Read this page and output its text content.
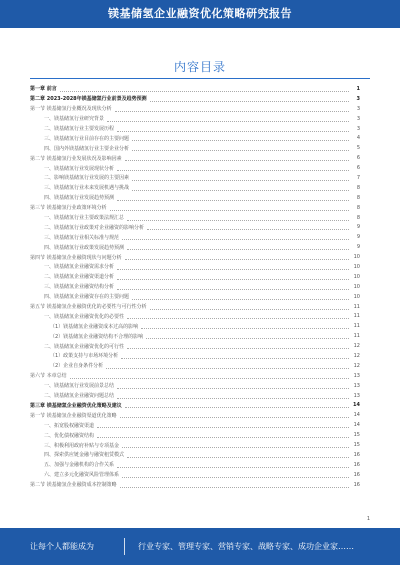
镁基储氢企业融资优化策略研究报告
内容目录
第一章 前言	1
第二章 2023-2028年镁基储氢行业前景及趋势预测	3
第一节 镁基储氢行业概况及现状分析	3
一、镁基储氢行业研究背景	3
二、镁基储氢行业主要发展历程	3
三、镁基储氢行业目前存在的主要问题	4
四、国内外镁基储氢行业主要企业分析	5
第二节 镁基储氢行业发展状况及影响因素	6
一、镁基储氢行业发展现状分析	6
二、影响镁基储氢行业发展的主要因素	7
三、镁基储氢行业未来发展机遇与挑战	8
四、镁基储氢行业发展趋势预测	8
第三节 镁基储氢行业政策环境分析	8
一、镁基储氢行业主要政策法规汇总	8
二、镁基储氢行业政策对企业融资的影响分析	9
三、镁基储氢行业相关标准与规范	9
四、镁基储氢行业政策发展趋势预测	9
第四节 镁基储氢企业融资现状与问题分析	10
一、镁基储氢企业融资需求分析	10
二、镁基储氢企业融资渠道分析	10
三、镁基储氢企业融资结构分析	10
四、镁基储氢企业融资存在的主要问题	10
第五节 镁基储氢企业融资优化的必要性与可行性分析	11
一、镁基储氢企业融资优化的必要性	11
（1）镁基储氢企业融资成本过高的影响	11
（2）镁基储氢企业融资结构不合理的影响	11
二、镁基储氢企业融资优化的可行性	12
（1）政策支持与市场环境分析	12
（2）企业自身条件分析	12
第六节 本章总结	13
一、镁基储氢行业发展前景总结	13
二、镁基储氢企业融资问题总结	13
第三章 镁基储氢企业融资优化策略及建议	14
第一节 镁基储氢企业融资渠道优化策略	14
一、拓宽股权融资渠道	14
二、优化债权融资结构	15
三、积极利用政府补贴与专项基金	15
四、探索供应链金融与融资租赁模式	16
五、加强与金融机构的合作关系	16
六、建立多元化融资风险管理体系	16
第二节 镁基储氢企业融资成本控制策略	16
1
让每个人都能成为	行业专家、管理专家、营销专家、战略专家、成功企业家……
